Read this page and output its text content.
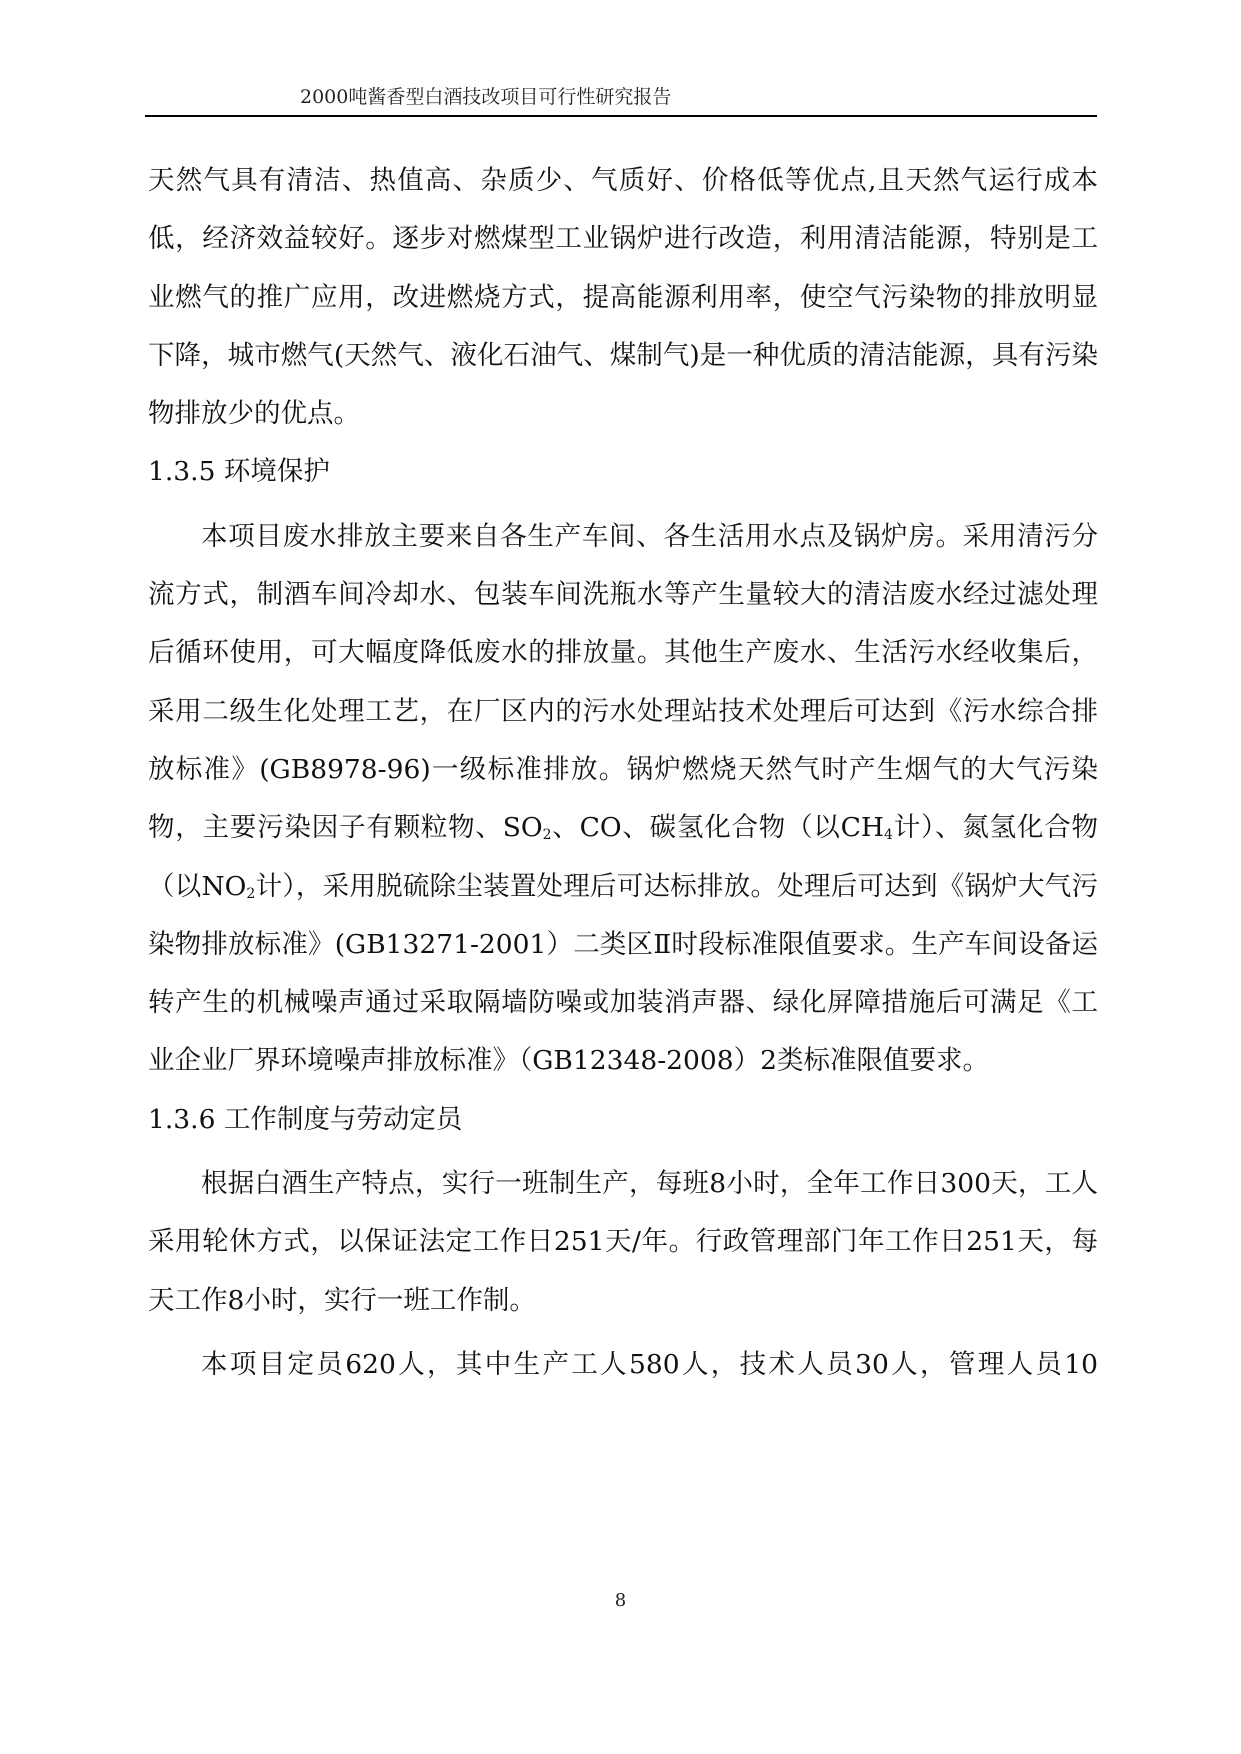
2000吨酱香型白酒技改项目可行性研究报告

天然气具有清洁、热值高、杂质少、气质好、价格低等优点,且天然气运行成本低，经济效益较好。逐步对燃煤型工业锅炉进行改造，利用清洁能源，特别是工业燃气的推广应用，改进燃烧方式，提高能源利用率，使空气污染物的排放明显下降，城市燃气(天然气、液化石油气、煤制气)是一种优质的清洁能源，具有污染物排放少的优点。

1.3.5 环境保护

本项目废水排放主要来自各生产车间、各生活用水点及锅炉房。采用清污分流方式，制酒车间冷却水、包装车间洗瓶水等产生量较大的清洁废水经过滤处理后循环使用，可大幅度降低废水的排放量。其他生产废水、生活污水经收集后，采用二级生化处理工艺，在厂区内的污水处理站技术处理后可达到《污水综合排放标准》(GB8978-96)一级标准排放。锅炉燃烧天然气时产生烟气的大气污染物，主要污染因子有颗粒物、$SO_2$、CO、碳氢化合物（以$CH_4$计）、氮氢化合物（以$NO_2$计），采用脱硫除尘装置处理后可达标排放。处理后可达到《锅炉大气污染物排放标准》(GB13271-2001）二类区Ⅱ时段标准限值要求。生产车间设备运转产生的机械噪声通过采取隔墙防噪或加装消声器、绿化屏障措施后可满足《工业企业厂界环境噪声排放标准》（GB12348-2008）2类标准限值要求。

1.3.6 工作制度与劳动定员

根据白酒生产特点，实行一班制生产，每班8小时，全年工作日300天，工人采用轮休方式，以保证法定工作日251天/年。行政管理部门年工作日251天，每天工作8小时，实行一班工作制。

本项目定员620人，其中生产工人580人，技术人员30人，管理人员10

8
